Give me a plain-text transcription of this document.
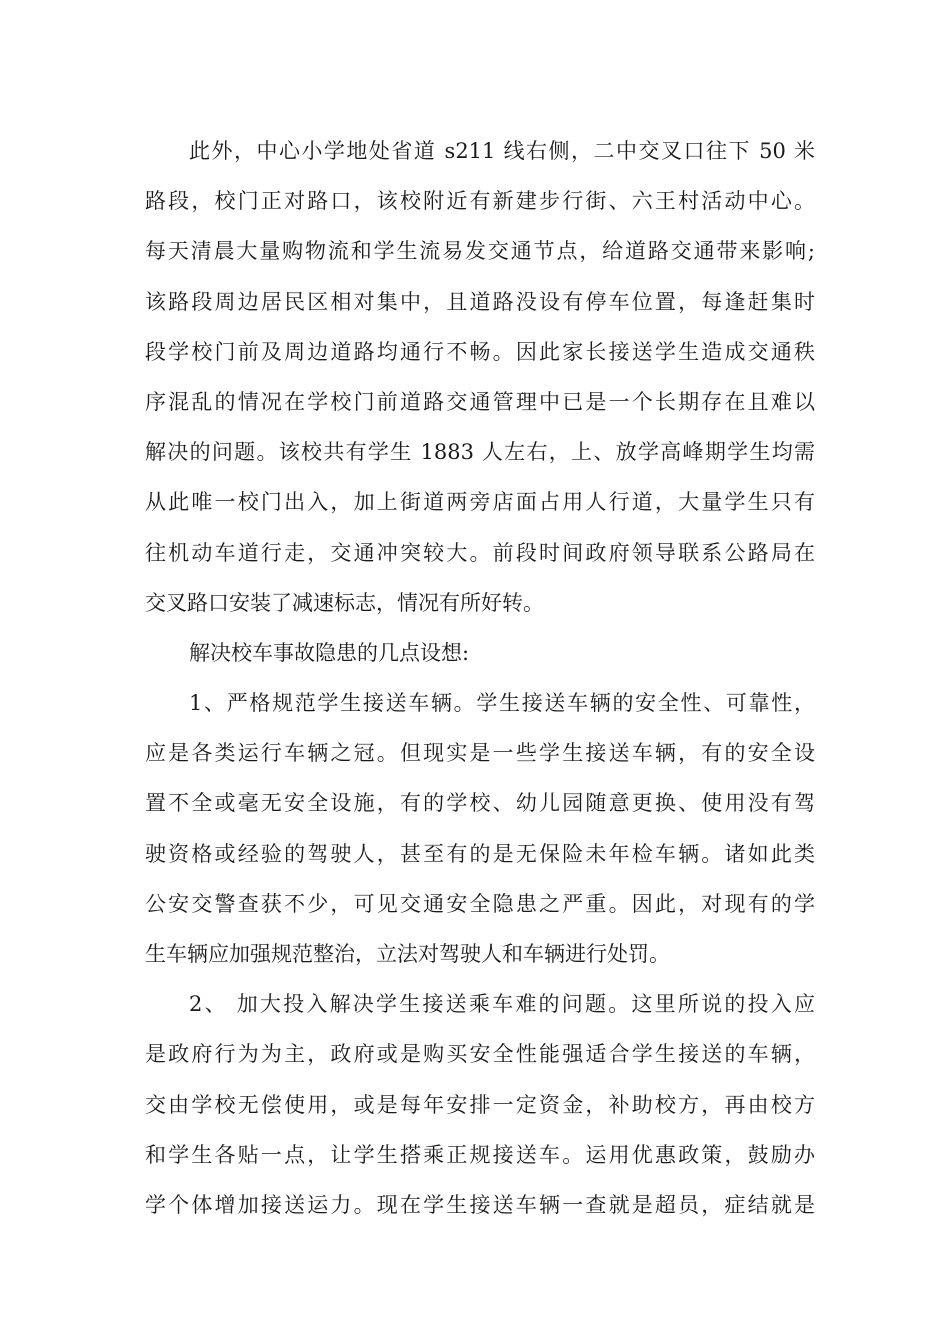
此外，中心小学地处省道 s211 线右侧，二中交叉口往下 50 米
路段，校门正对路口，该校附近有新建步行街、六王村活动中心。
每天清晨大量购物流和学生流易发交通节点，给道路交通带来影响;
该路段周边居民区相对集中，且道路没设有停车位置，每逢赶集时
段学校门前及周边道路均通行不畅。因此家长接送学生造成交通秩
序混乱的情况在学校门前道路交通管理中已是一个长期存在且难以
解决的问题。该校共有学生 1883 人左右，上、放学高峰期学生均需
从此唯一校门出入，加上街道两旁店面占用人行道，大量学生只有
往机动车道行走，交通冲突较大。前段时间政府领导联系公路局在
交叉路口安装了减速标志，情况有所好转。
解决校车事故隐患的几点设想:
1、严格规范学生接送车辆。学生接送车辆的安全性、可靠性，
应是各类运行车辆之冠。但现实是一些学生接送车辆，有的安全设
置不全或毫无安全设施，有的学校、幼儿园随意更换、使用没有驾
驶资格或经验的驾驶人，甚至有的是无保险未年检车辆。诸如此类
公安交警查获不少，可见交通安全隐患之严重。因此，对现有的学
生车辆应加强规范整治，立法对驾驶人和车辆进行处罚。
2、 加大投入解决学生接送乘车难的问题。这里所说的投入应
是政府行为为主，政府或是购买安全性能强适合学生接送的车辆，
交由学校无偿使用，或是每年安排一定资金，补助校方，再由校方
和学生各贴一点，让学生搭乘正规接送车。运用优惠政策，鼓励办
学个体增加接送运力。现在学生接送车辆一查就是超员，症结就是
